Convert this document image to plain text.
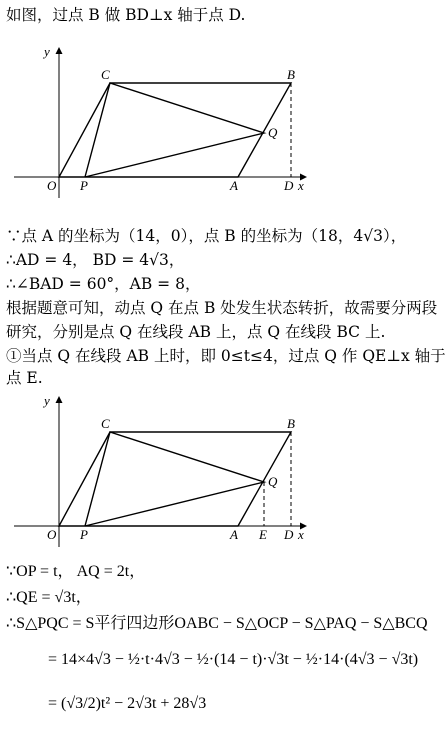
如图，过点 B 做 BD⊥x 轴于点 D.
y
x
O P	A	D
B
C
Q
∵点 A 的坐标为（14，0），点 B 的坐标为（18，4√3），
∴AD = 4， BD = 4√3，
∴∠BAD = 60°，AB = 8，
根据题意可知，动点 Q 在点 B 处发生状态转折，故需要分两段
研究，分别是点 Q 在线段 AB 上，点 Q 在线段 BC 上.
①当点 Q 在线段 AB 上时，即 0≤t≤4，过点 Q 作 QE⊥x 轴于
点 E.
y
x
O P	A E D
B
C
Q
∵OP = t， AQ = 2t，
∴QE = √3t，
∴S△PQC = S平行四边形OABC − S△OCP − S△PAQ − S△BCQ
= 14×4√3 − ½·t·4√3 − ½·(14 − t)·√3t − ½·14·(4√3 − √3t)
= (√3/2)t² − 2√3t + 28√3
